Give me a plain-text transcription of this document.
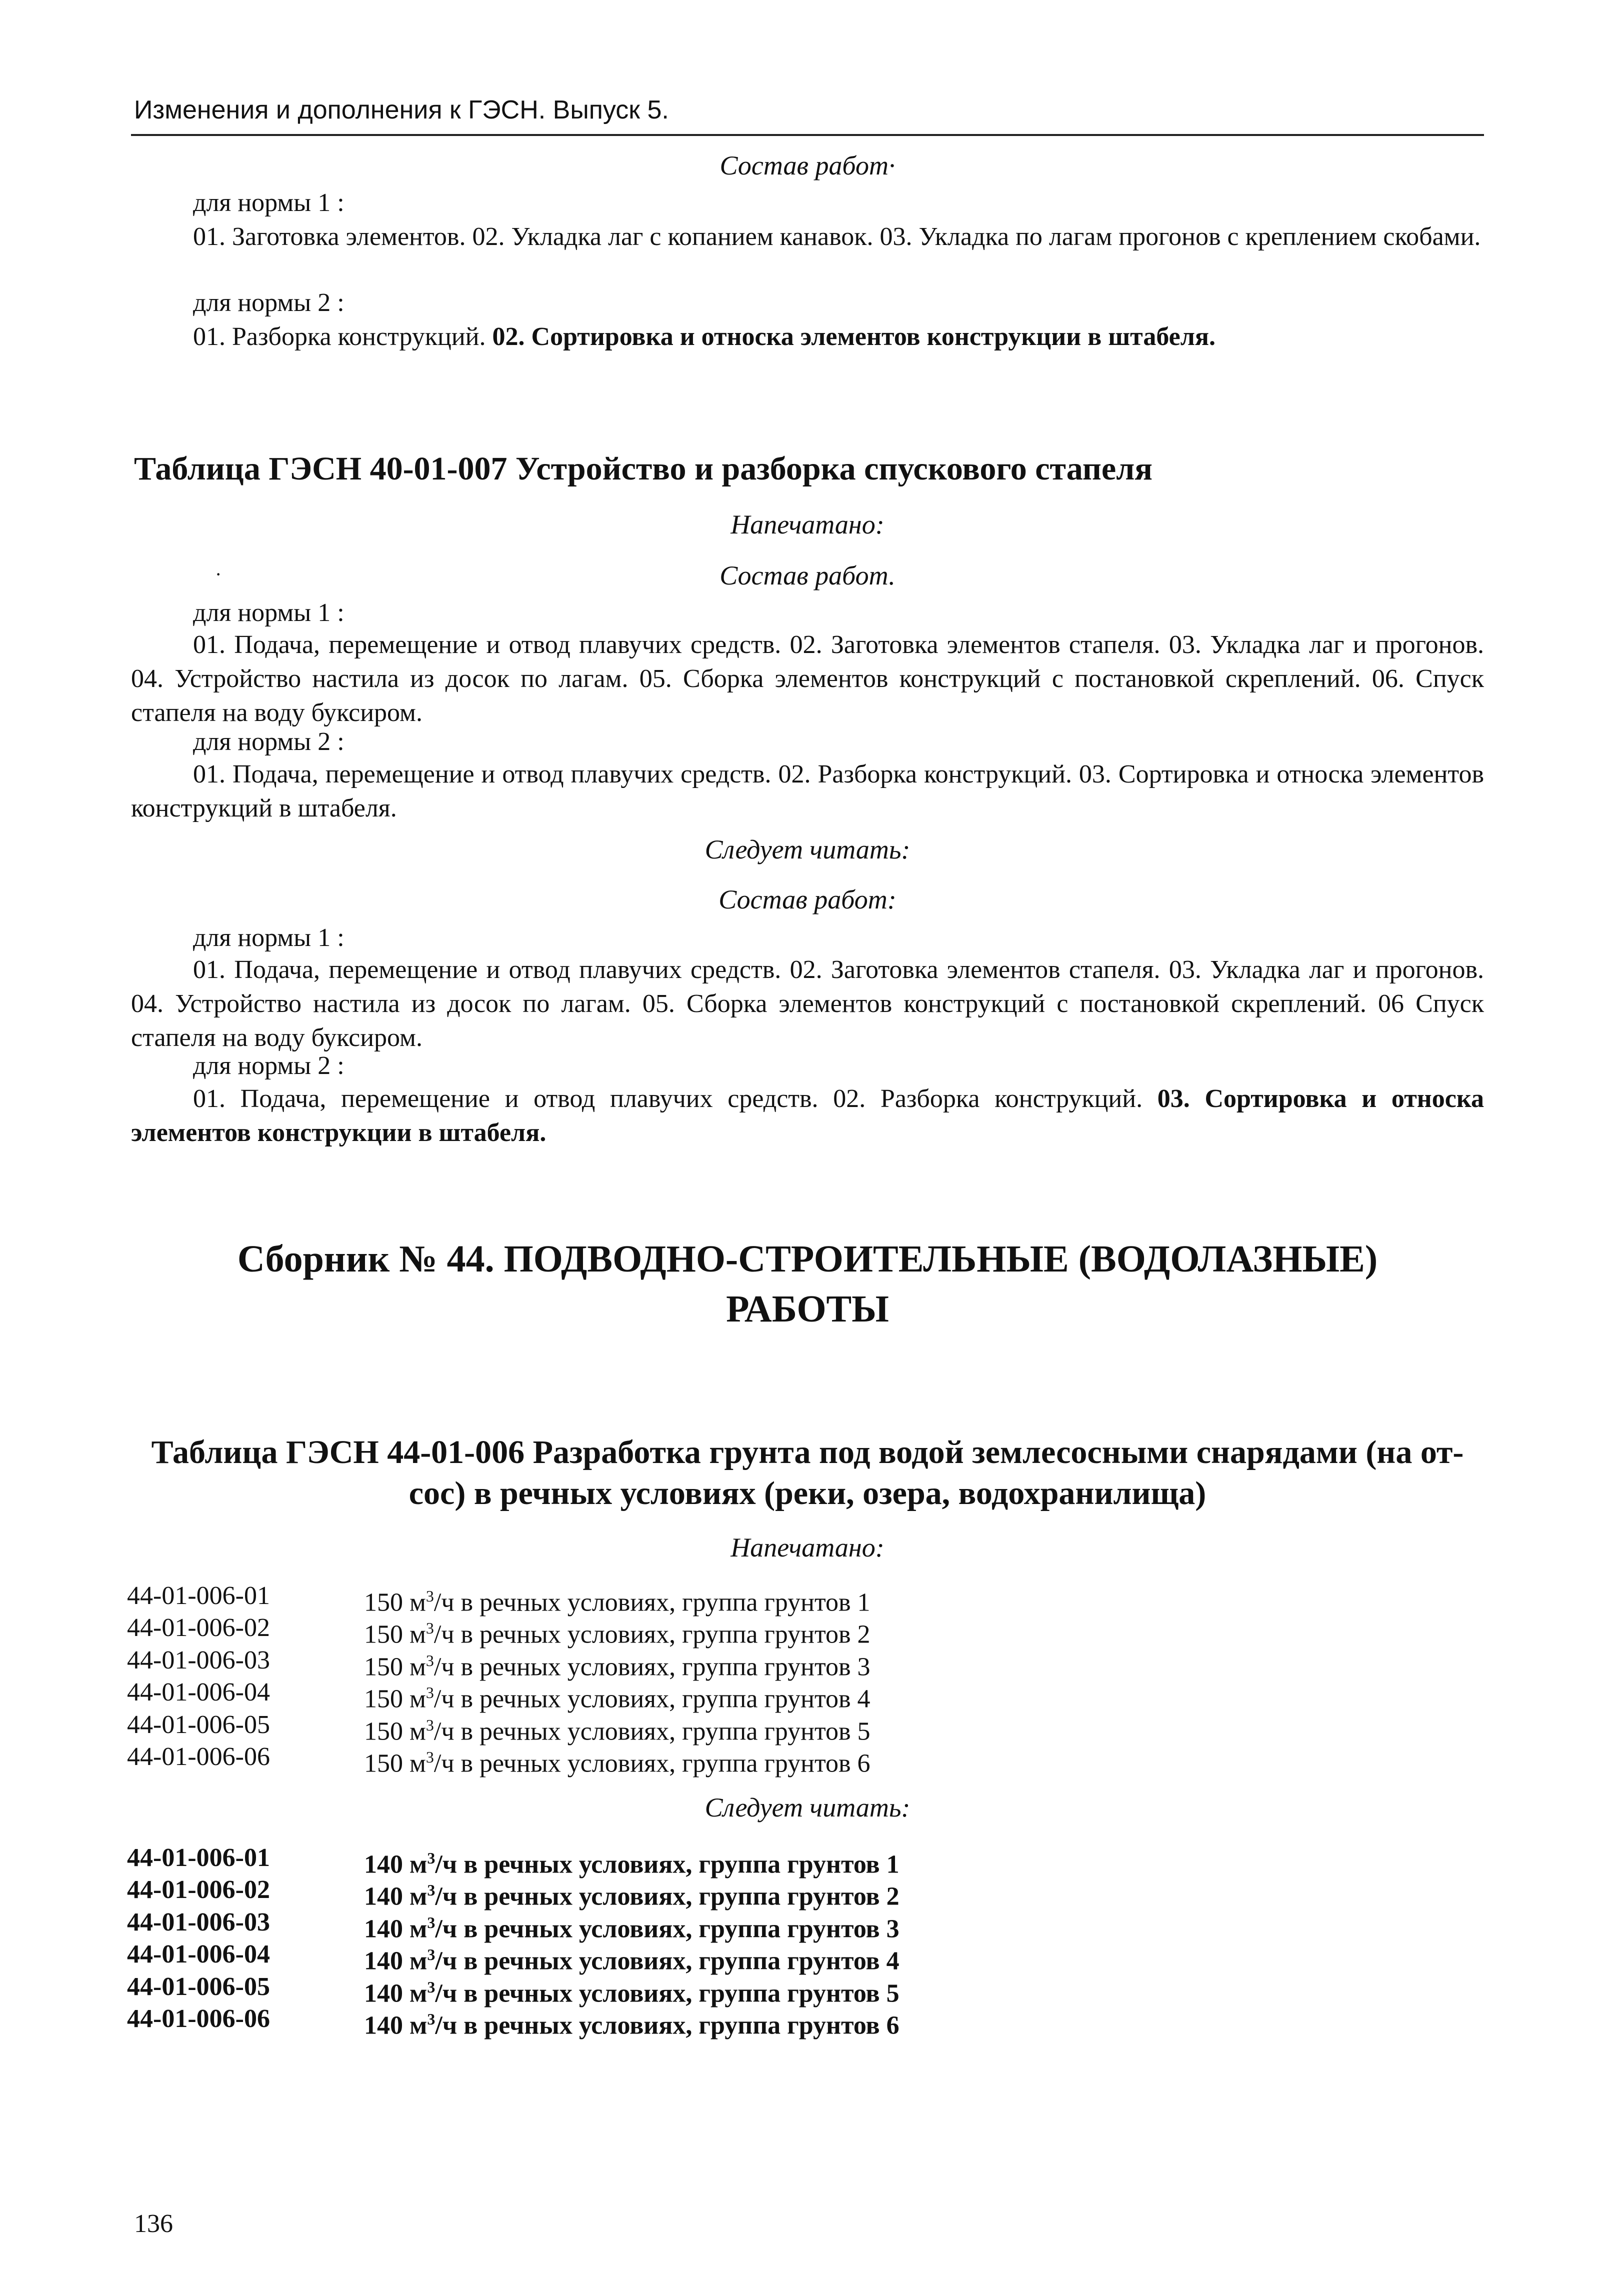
Изменения и дополнения к ГЭСН. Выпуск 5.
Состав работ·
для нормы 1 :
01. Заготовка элементов. 02. Укладка лаг с копанием канавок. 03. Укладка по лагам прогонов с креплением скобами.
для нормы 2 :
01. Разборка конструкций. 02. Сортировка и относка элементов конструкции в штабеля.
Таблица ГЭСН 40-01-007 Устройство и разборка спускового стапеля
Напечатано:
·	Состав работ.
для нормы 1 :
01. Подача, перемещение и отвод плавучих средств. 02. Заготовка элементов стапеля. 03. Укладка лаг и прогонов. 04. Устройство настила из досок по лагам. 05. Сборка элементов конструкций с постановкой скреплений. 06. Спуск стапеля на воду буксиром.
для нормы 2 :
01. Подача, перемещение и отвод плавучих средств. 02. Разборка конструкций. 03. Сортировка и относка элементов конструкций в штабеля.
Следует читать:
Состав работ:
для нормы 1 :
01. Подача, перемещение и отвод плавучих средств. 02. Заготовка элементов стапеля. 03. Укладка лаг и прогонов. 04. Устройство настила из досок по лагам. 05. Сборка элементов конструкций с постановкой скреплений. 06 Спуск стапеля на воду буксиром.
для нормы 2 :
01. Подача, перемещение и отвод плавучих средств. 02. Разборка конструкций. 03. Сортировка и относка элементов конструкции в штабеля.
Сборник № 44. ПОДВОДНО-СТРОИТЕЛЬНЫЕ (ВОДОЛАЗНЫЕ)
РАБОТЫ
Таблица ГЭСН 44-01-006 Разработка грунта под водой землесосными снарядами (на от-
сос) в речных условиях (реки, озера, водохранилища)
Напечатано:
44-01-006-01	150 $м^3/ч$ в речных условиях, группа грунтов 1
44-01-006-02	150 $м^3/ч$ в речных условиях, группа грунтов 2
44-01-006-03	150 $м^3/ч$ в речных условиях, группа грунтов 3
44-01-006-04	150 $м^3/ч$ в речных условиях, группа грунтов 4
44-01-006-05	150 $м^3/ч$ в речных условиях, группа грунтов 5
44-01-006-06	150 $м^3/ч$ в речных условиях, группа грунтов 6
Следует читать:
44-01-006-01	140 $м^3/ч$ в речных условиях, группа грунтов 1
44-01-006-02	140 $м^3/ч$ в речных условиях, группа грунтов 2
44-01-006-03	140 $м^3/ч$ в речных условиях, группа грунтов 3
44-01-006-04	140 $м^3/ч$ в речных условиях, группа грунтов 4
44-01-006-05	140 $м^3/ч$ в речных условиях, группа грунтов 5
44-01-006-06	140 $м^3/ч$ в речных условиях, группа грунтов 6
136
